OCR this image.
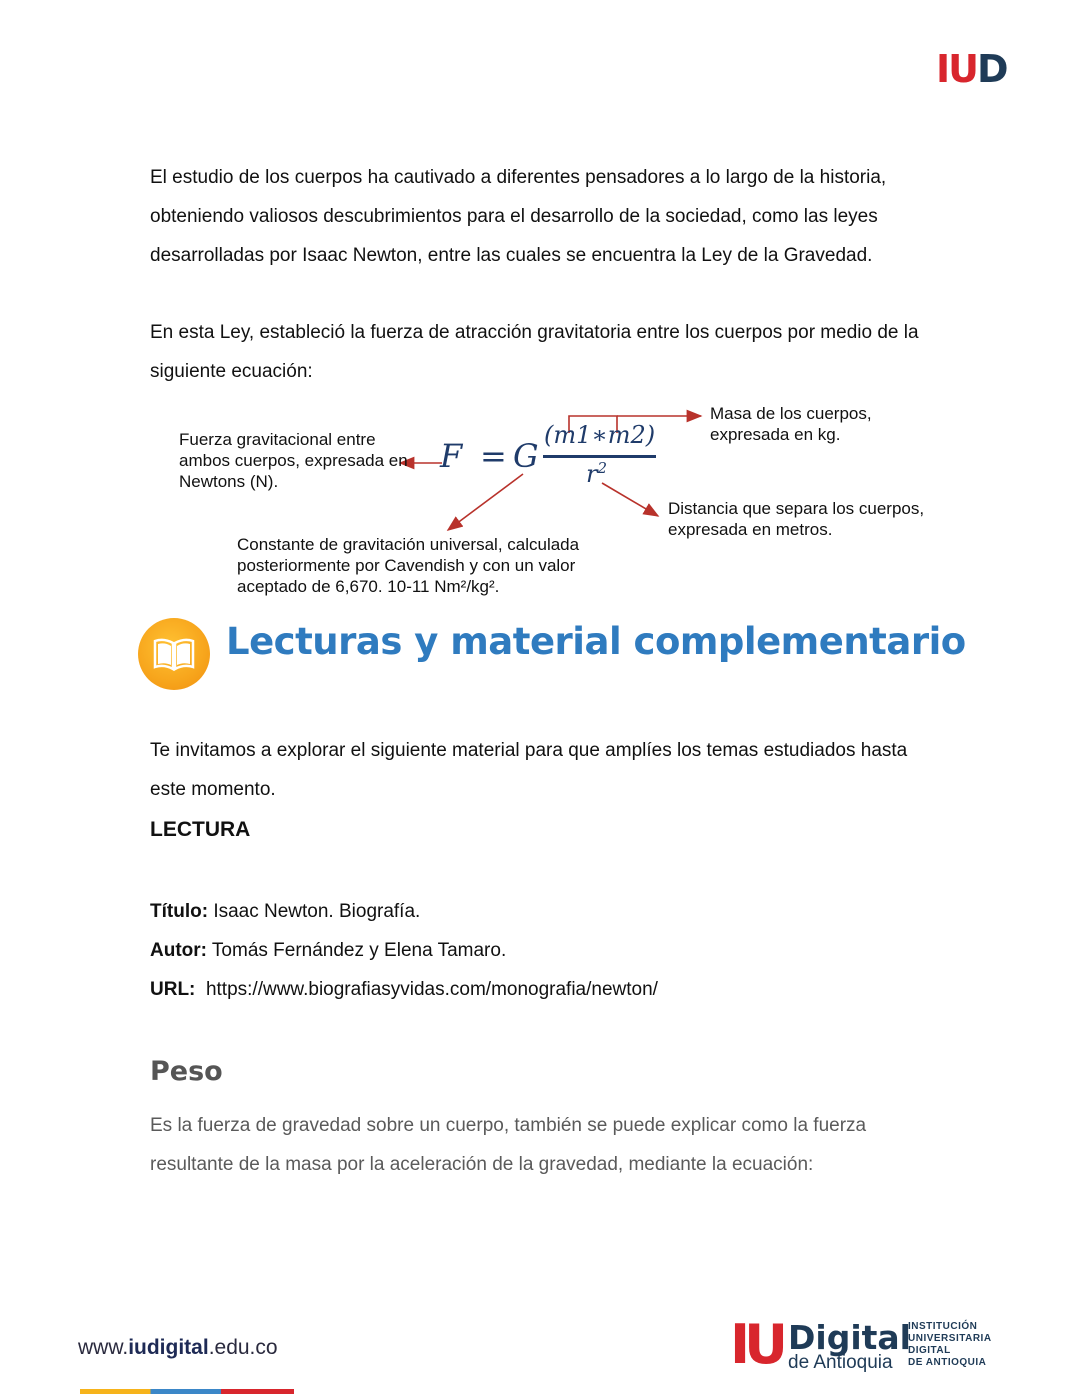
IUD
El estudio de los cuerpos ha cautivado a diferentes pensadores a lo largo de la historia, obteniendo valiosos descubrimientos para el desarrollo de la sociedad, como las leyes desarrolladas por Isaac Newton, entre las cuales se encuentra la Ley de la Gravedad.
En esta Ley, estableció la fuerza de atracción gravitatoria entre los cuerpos por medio de la siguiente ecuación:
Fuerza gravitacional entre ambos cuerpos, expresada en Newtons (N).
Masa de los cuerpos, expresada en kg.
Distancia que separa los cuerpos, expresada en metros.
Constante de gravitación universal, calculada posteriormente por Cavendish y con un valor aceptado de 6,670. 10-11 Nm²/kg².
F = G
(m1∗m2)
$r^2$
Lecturas y material complementario
Te invitamos a explorar el siguiente material para que amplíes los temas estudiados hasta este momento.
LECTURA
Título: Isaac Newton. Biografía.
Autor: Tomás Fernández y Elena Tamaro.
URL: https://www.biografiasyvidas.com/monografia/newton/
Peso
Es la fuerza de gravedad sobre un cuerpo, también se puede explicar como la fuerza resultante de la masa por la aceleración de la gravedad, mediante la ecuación:
www.iudigital.edu.co	IU Digital
de Antioquia
INSTITUCIÓN
UNIVERSITARIA
DIGITAL
DE ANTIOQUIA
